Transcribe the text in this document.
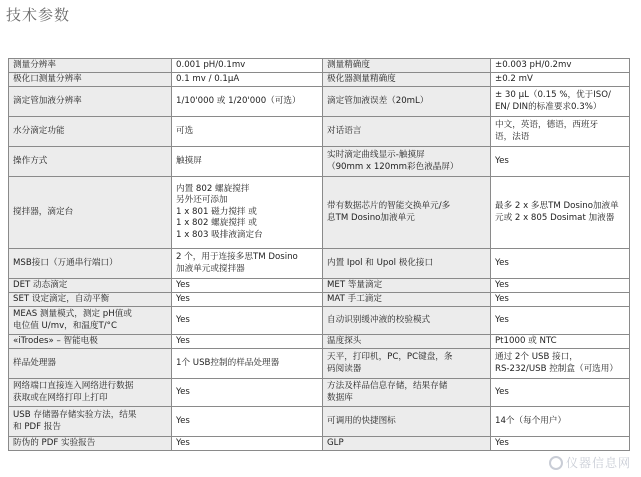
技术参数
测量分辨率	0.001 pH/0.1mv	测量精确度	±0.003 pH/0.2mv

极化口测量分辨率	0.1 mv / 0.1μA	极化器测量精确度	±0.2 mV

滴定管加液分辨率	1/10'000 或 1/20'000（可选）	滴定管加液误差（20mL）	± 30 μL（0.15 %，优于ISO/
EN/ DIN的标准要求0.3%）

水分滴定功能	可选	对话语言	中文，英语，德语，西班牙
语，法语

操作方式	触摸屏	实时滴定曲线显示-触摸屏
（90mm x 120mm彩色液晶屏）	Yes

搅拌器，滴定台	内置 802 螺旋搅拌
另外还可添加
1 x 801 磁力搅拌 或
1 x 802 螺旋搅拌 或
1 x 803 吸排液滴定台	带有数据芯片的智能交换单元/多
息TM Dosino加液单元	最多 2 x 多思TM Dosino加液单
元或 2 x 805 Dosimat 加液器

MSB接口（万通串行端口）	2 个，用于连接多思TM Dosino
加液单元或搅拌器	内置 Ipol 和 Upol 极化接口	Yes

DET 动态滴定	Yes	MET 等量滴定	Yes

SET 设定滴定，自动平衡	Yes	MAT 手工滴定	Yes

MEAS 测量模式，测定 pH值或
电位值 U/mv，和温度T/°C	Yes	自动识别缓冲液的校验模式	Yes

«iTrodes» – 智能电极	Yes	温度探头	Pt1000 或 NTC

样品处理器	1个 USB控制的样品处理器	天平，打印机，PC，PC键盘，条
码阅读器	通过 2个 USB 接口，
RS-232/USB 控制盒（可选用）

网络端口直接连入网络进行数据
获取或在网络打印上打印	Yes	方法及样品信息存储，结果存储
数据库	Yes

USB 存储器存储实验方法，结果
和 PDF 报告	Yes	可调用的快捷图标	14个（每个用户）

防伪的 PDF 实验报告	Yes	GLP	Yes
仪器信息网
